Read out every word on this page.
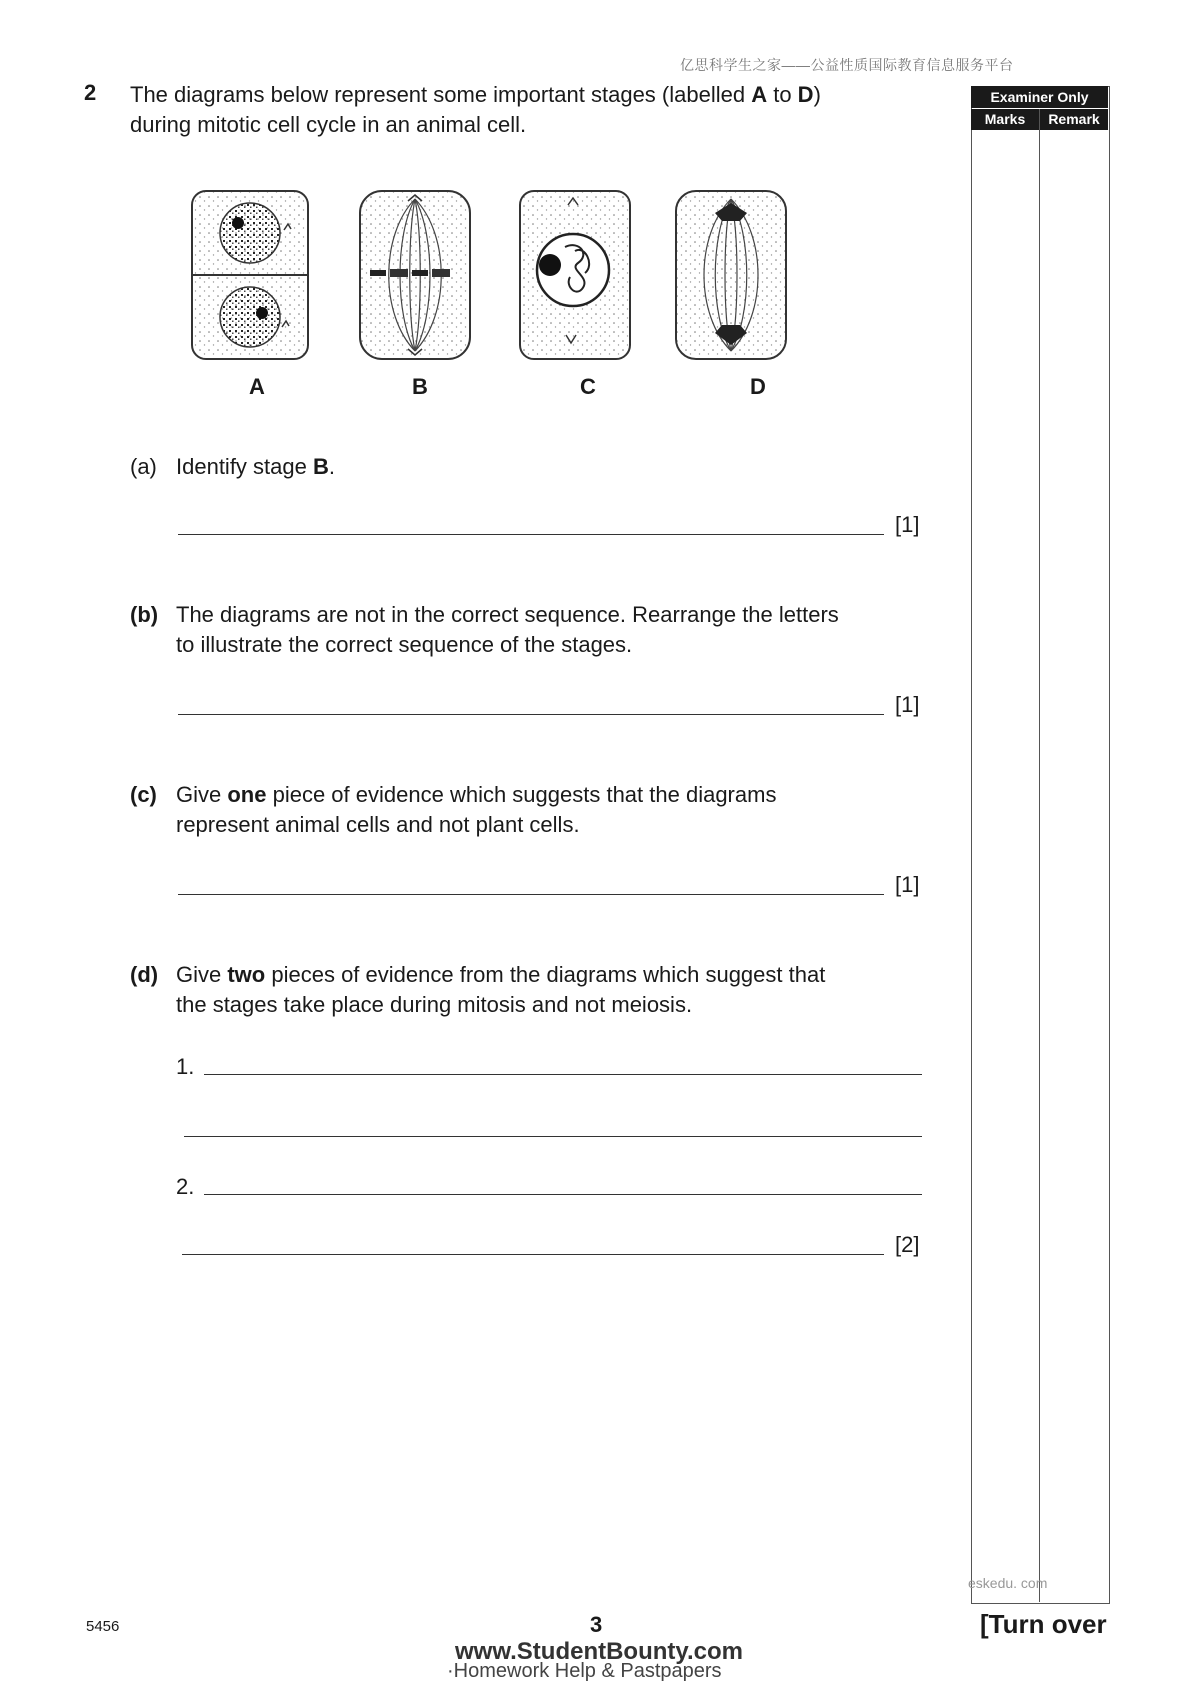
亿思科学生之家——公益性质国际教育信息服务平台
2 The diagrams below represent some important stages (labelled A to D)
during mitotic cell cycle in an animal cell.
Examiner Only
Marks	Remark
A	B	C	D
(a) Identify stage B.
[1]
(b) The diagrams are not in the correct sequence. Rearrange the letters
to illustrate the correct sequence of the stages.
[1]
(c) Give one piece of evidence which suggests that the diagrams
represent animal cells and not plant cells.
[1]
(d) Give two pieces of evidence from the diagrams which suggest that
the stages take place during mitosis and not meiosis.
1.
2.
[2]
eskedu. com
5456	3	[Turn over
www.StudentBounty.com
·Homework Help & Pastpapers
